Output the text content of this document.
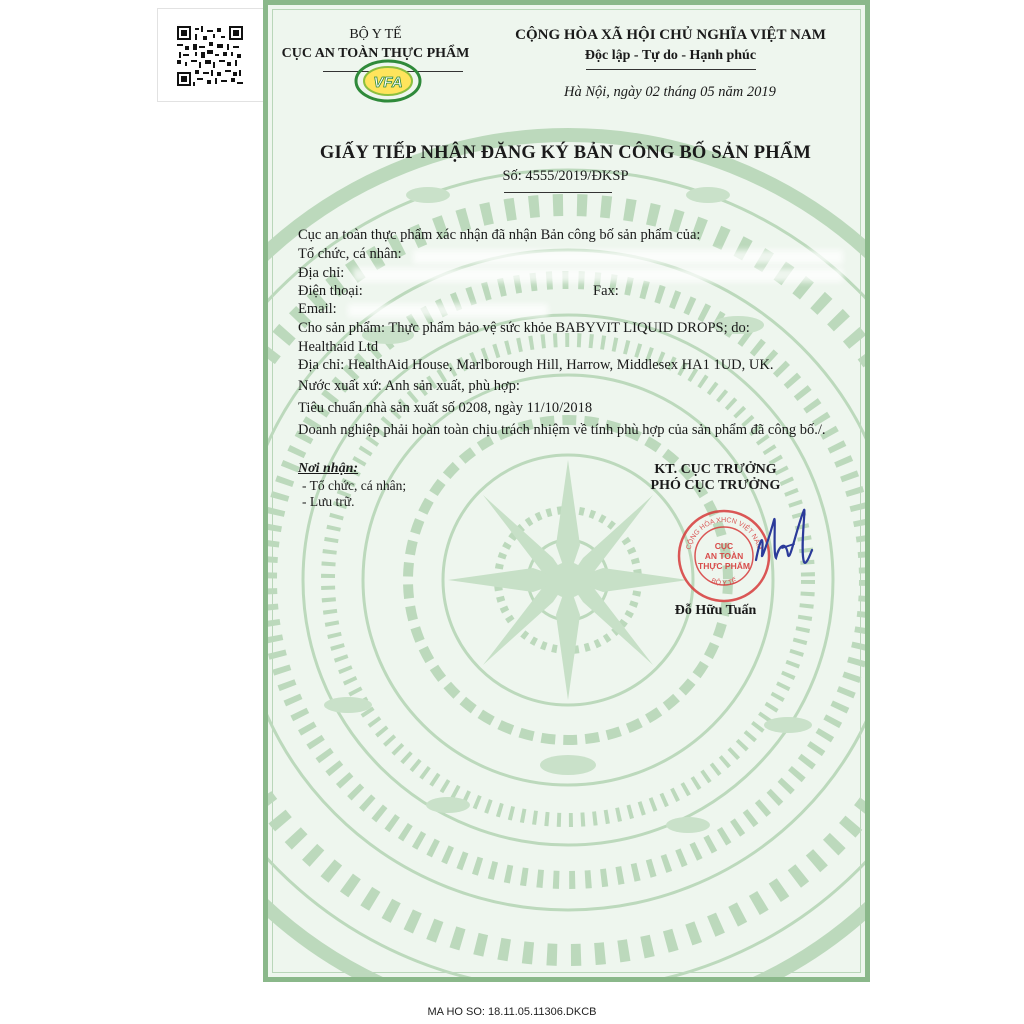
BỘ Y TẾ
CỤC AN TOÀN THỰC PHẨM
VFA
CỘNG HÒA XÃ HỘI CHỦ NGHĨA VIỆT NAM
Độc lập - Tự do - Hạnh phúc
Hà Nội, ngày 02 tháng 05 năm 2019
GIẤY TIẾP NHẬN ĐĂNG KÝ BẢN CÔNG BỐ SẢN PHẨM
Số: 4555/2019/ĐKSP
Cục an toàn thực phẩm xác nhận đã nhận Bản công bố sản phẩm của:
Tổ chức, cá nhân:
Địa chỉ:
Điện thoại:	Fax:
Email:
Cho sản phẩm: Thực phẩm bảo vệ sức khỏe BABYVIT LIQUID DROPS; do:
Healthaid Ltd
Địa chỉ: HealthAid House, Marlborough Hill, Harrow, Middlesex HA1 1UD, UK.
Nước xuất xứ: Anh sản xuất, phù hợp:
Tiêu chuẩn nhà sản xuất số 0208, ngày 11/10/2018
Doanh nghiệp phải hoàn toàn chịu trách nhiệm về tính phù hợp của sản phẩm đã công bố./.
Nơi nhận:
- Tổ chức, cá nhân;
- Lưu trữ.
KT. CỤC TRƯỞNG
PHÓ CỤC TRƯỞNG
CỘNG HÒA XHCN VIỆT NAM
BỘ Y TẾ
CỤC
AN TOÀN
THỰC PHẨM
Đỗ Hữu Tuấn
MA HO SO: 18.11.05.11306.DKCB
